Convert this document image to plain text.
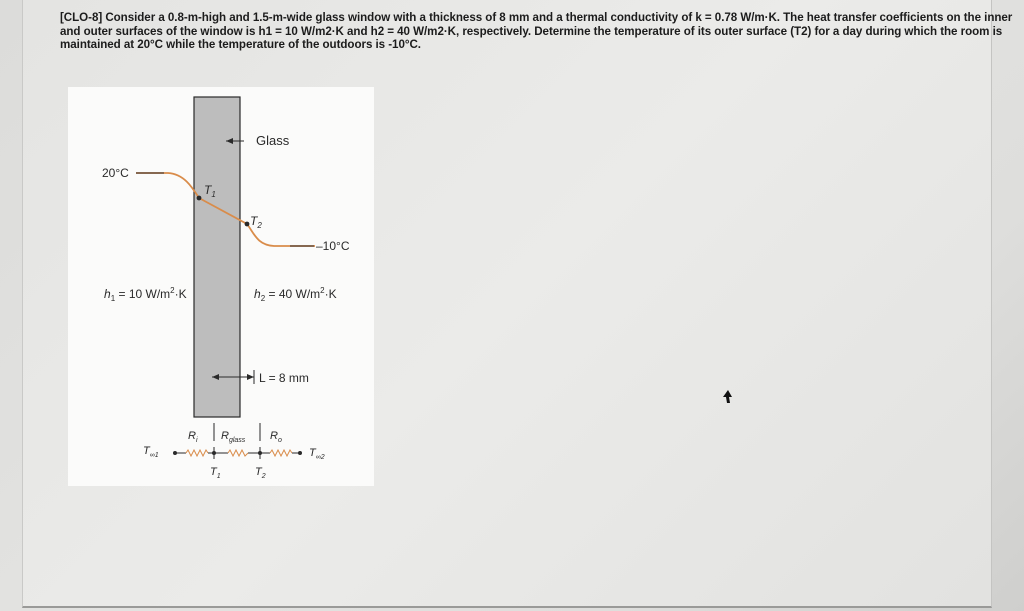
[CLO-8] Consider a 0.8-m-high and 1.5-m-wide glass window with a thickness of 8 mm and a thermal conductivity of k = 0.78 W/m·K. The heat transfer coefficients on the inner
and outer surfaces of the window is h1 = 10 W/m2·K and h2 = 40 W/m2·K, respectively. Determine the temperature of its outer surface (T2) for a day during which the room is
maintained at 20°C while the temperature of the outdoors is -10°C.
Glass
20°C
–10°C
$T_1$
$T_2$
$h_1 = 10$ $W/m^2\cdot K$	$h_2 = 40$ $W/m^2\cdot K$
L = 8 mm
$R_i$ $R_{glass}$ $R_o$
$T_{\infty 1}$	$T_{\infty 2}$
$T_1$	$T_2$
